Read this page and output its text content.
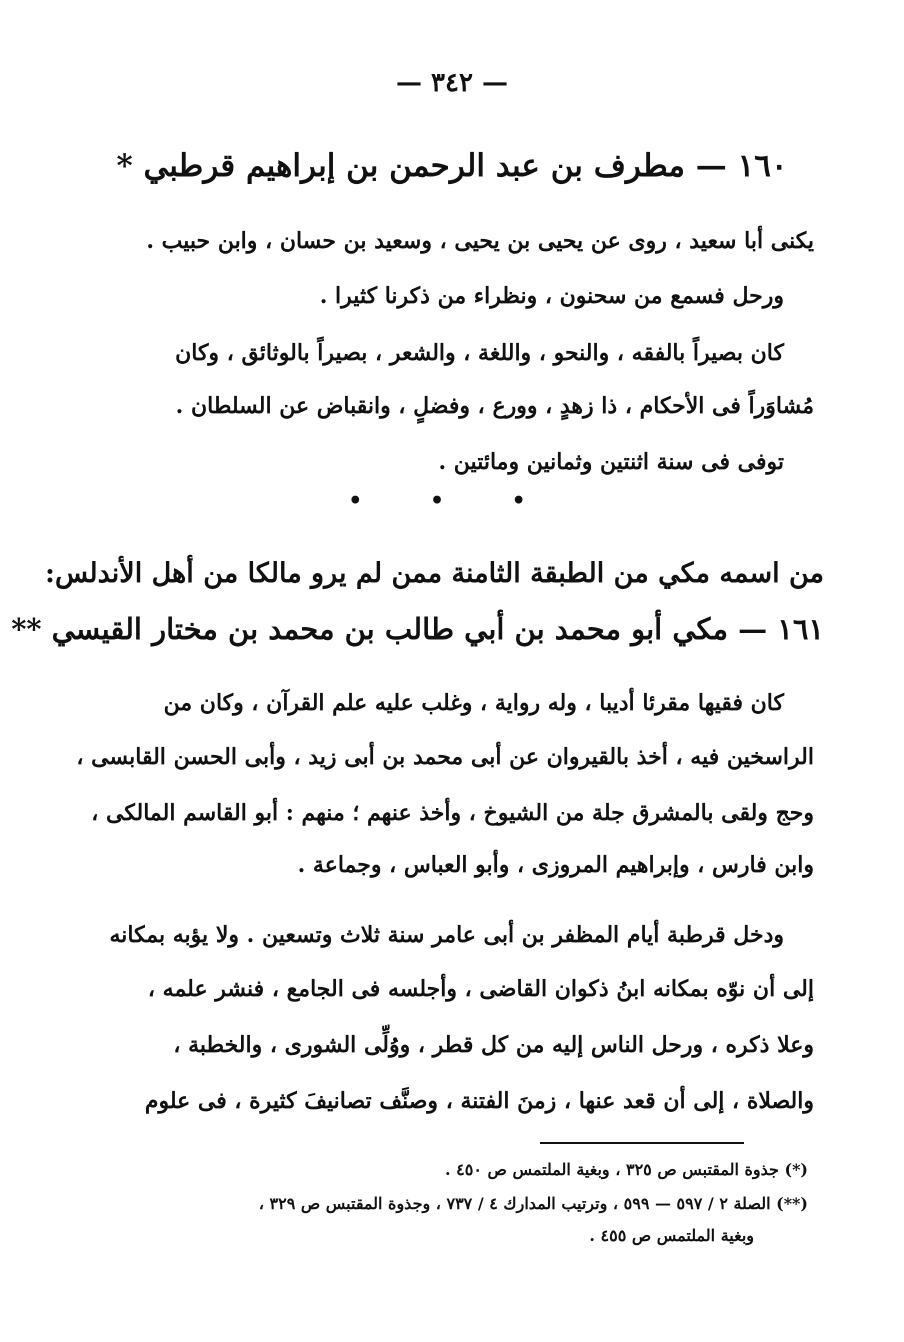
— ٣٤٢ —
١٦٠ — مطرف بن عبد الرحمن بن إبراهيم قرطبي *
يكنى أبا سعيد ، روى عن يحيى بن يحيى ، وسعيد بن حسان ، وابن حبيب .
ورحل فسمع من سحنون ، ونظراء من ذكرنا كثيرا .
كان بصيراً بالفقه ، والنحو ، واللغة ، والشعر ، بصيراً بالوثائق ، وكان
مُشاوَراً فى الأحكام ، ذا زهدٍ ، وورع ، وفضلٍ ، وانقباض عن السلطان .
توفى فى سنة اثنتين وثمانين ومائتين .
• • •
من اسمه مكي من الطبقة الثامنة ممن لم يرو مالكا من أهل الأندلس:
١٦١ — مكي أبو محمد بن أبي طالب بن محمد بن مختار القيسي **
كان فقيها مقرئا أديبا ، وله رواية ، وغلب عليه علم القرآن ، وكان من
الراسخين فيه ، أخذ بالقيروان عن أبى محمد بن أبى زيد ، وأبى الحسن القابسى ،
وحج ولقى بالمشرق جلة من الشيوخ ، وأخذ عنهم ؛ منهم : أبو القاسم المالكى ،
وابن فارس ، وإبراهيم المروزى ، وأبو العباس ، وجماعة .
ودخل قرطبة أيام المظفر بن أبى عامر سنة ثلاث وتسعين . ولا يؤبه بمكانه
إلى أن نوّه بمكانه ابنُ ذكوان القاضى ، وأجلسه فى الجامع ، فنشر علمه ،
وعلا ذكره ، ورحل الناس إليه من كل قطر ، ووُلِّى الشورى ، والخطبة ،
والصلاة ، إلى أن قعد عنها ، زمنَ الفتنة ، وصنَّف تصانيفَ كثيرة ، فى علوم
(*) جذوة المقتبس ص ٣٢٥ ، وبغية الملتمس ص ٤٥٠ .
(**) الصلة ٢ / ٥٩٧ — ٥٩٩ ، وترتيب المدارك ٤ / ٧٣٧ ، وجذوة المقتبس ص ٣٢٩ ،
وبغية الملتمس ص ٤٥٥ .
